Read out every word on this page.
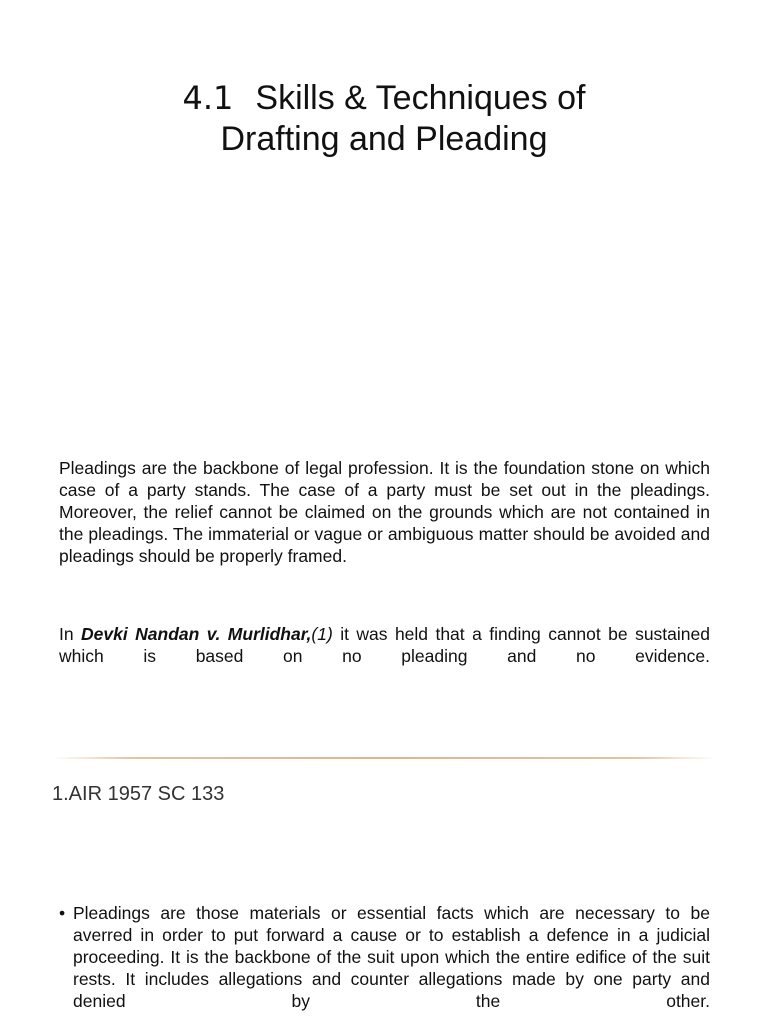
4.1 Skills & Techniques of
Drafting and Pleading
Pleadings are the backbone of legal profession. It is the foundation stone on which case of a party stands. The case of a party must be set out in the pleadings. Moreover, the relief cannot be claimed on the grounds which are not contained in the pleadings. The immaterial or vague or ambiguous matter should be avoided and pleadings should be properly framed.
In Devki Nandan v. Murlidhar,(1) it was held that a finding cannot be sustained which is based on no pleading and no evidence.
1.AIR 1957 SC 133
• Pleadings are those materials or essential facts which are necessary to be averred in order to put forward a cause or to establish a defence in a judicial proceeding. It is the backbone of the suit upon which the entire edifice of the suit rests. It includes allegations and counter allegations made by one party and denied by the other.
